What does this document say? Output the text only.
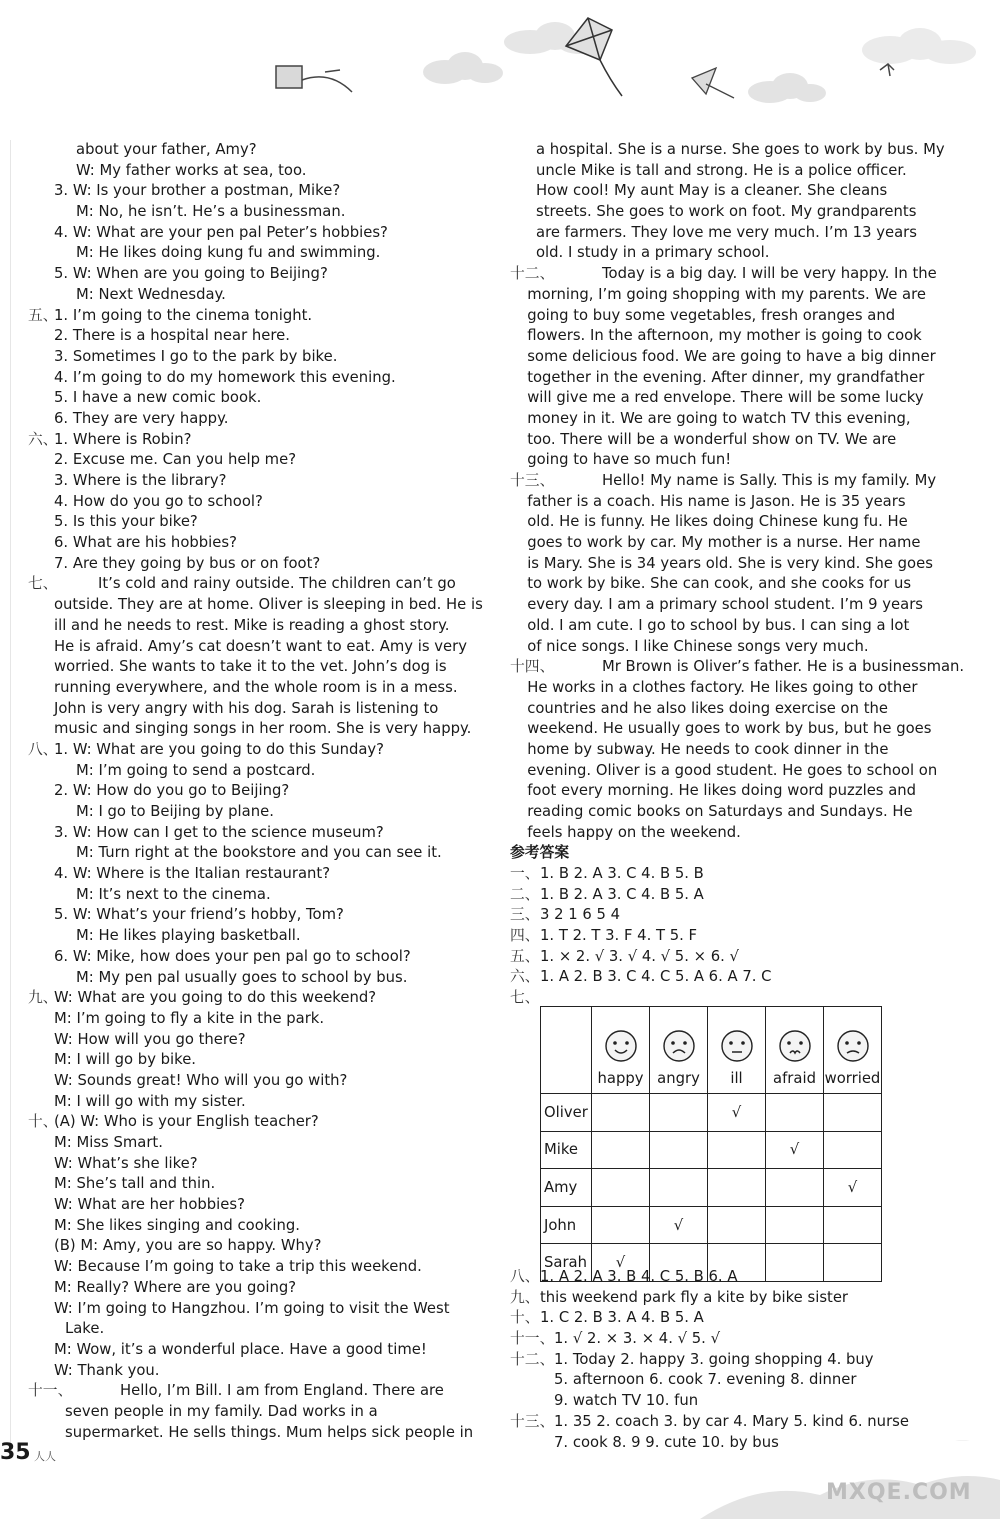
about your father, Amy?
W: My father works at sea, too.
3. W: Is your brother a postman, Mike?
M: No, he isn’t. He’s a businessman.
4. W: What are your pen pal Peter’s hobbies?
M: He likes doing kung fu and swimming.
5. W: When are you going to Beijing?
M: Next Wednesday.
五、
1. I’m going to the cinema tonight.
2. There is a hospital near here.
3. Sometimes I go to the park by bike.
4. I’m going to do my homework this evening.
5. I have a new comic book.
6. They are very happy.
六、
1. Where is Robin?
2. Excuse me. Can you help me?
3. Where is the library?
4. How do you go to school?
5. Is this your bike?
6. What are his hobbies?
7. Are they going by bus or on foot?
七、	It’s cold and rainy outside. The children can’t go
outside. They are at home. Oliver is sleeping in bed. He is
ill and he needs to rest. Mike is reading a ghost story.
He is afraid. Amy’s cat doesn’t want to eat. Amy is very
worried. She wants to take it to the vet. John’s dog is
running everywhere, and the whole room is in a mess.
John is very angry with his dog. Sarah is listening to
music and singing songs in her room. She is very happy.
八、
1. W: What are you going to do this Sunday?
M: I’m going to send a postcard.
2. W: How do you go to Beijing?
M: I go to Beijing by plane.
3. W: How can I get to the science museum?
M: Turn right at the bookstore and you can see it.
4. W: Where is the Italian restaurant?
M: It’s next to the cinema.
5. W: What’s your friend’s hobby, Tom?
M: He likes playing basketball.
6. W: Mike, how does your pen pal go to school?
M: My pen pal usually goes to school by bus.
九、
W: What are you going to do this weekend?
M: I’m going to fly a kite in the park.
W: How will you go there?
M: I will go by bike.
W: Sounds great! Who will you go with?
M: I will go with my sister.
十、
(A) W: Who is your English teacher?
M: Miss Smart.
W: What’s she like?
M: She’s tall and thin.
W: What are her hobbies?
M: She likes singing and cooking.
(B) M: Amy, you are so happy. Why?
W: Because I’m going to take a trip this weekend.
M: Really? Where are you going?
W: I’m going to Hangzhou. I’m going to visit the West
Lake.
M: Wow, it’s a wonderful place. Have a good time!
W: Thank you.
十一、	Hello, I’m Bill. I am from England. There are
seven people in my family. Dad works in a
supermarket. He sells things. Mum helps sick people in
a hospital. She is a nurse. She goes to work by bus. My
uncle Mike is tall and strong. He is a police officer.
How cool! My aunt May is a cleaner. She cleans
streets. She goes to work on foot. My grandparents
are farmers. They love me very much. I’m 13 years
old. I study in a primary school.
十二、	Today is a big day. I will be very happy. In the
morning, I’m going shopping with my parents. We are
going to buy some vegetables, fresh oranges and
flowers. In the afternoon, my mother is going to cook
some delicious food. We are going to have a big dinner
together in the evening. After dinner, my grandfather
will give me a red envelope. There will be some lucky
money in it. We are going to watch TV this evening,
too. There will be a wonderful show on TV. We are
going to have so much fun!
十三、	Hello! My name is Sally. This is my family. My
father is a coach. His name is Jason. He is 35 years
old. He is funny. He likes doing Chinese kung fu. He
goes to work by car. My mother is a nurse. Her name
is Mary. She is 34 years old. She is very kind. She goes
to work by bike. She can cook, and she cooks for us
every day. I am a primary school student. I’m 9 years
old. I am cute. I go to school by bus. I can sing a lot
of nice songs. I like Chinese songs very much.
十四、	Mr Brown is Oliver’s father. He is a businessman.
He works in a clothes factory. He likes going to other
countries and he also likes doing exercise on the
weekend. He usually goes to work by bus, but he goes
home by subway. He needs to cook dinner in the
evening. Oliver is a good student. He goes to school on
foot every morning. He likes doing word puzzles and
reading comic books on Saturdays and Sundays. He
feels happy on the weekend.
参考答案
一、 1. B 2. A 3. C 4. B 5. B
二、 1. B 2. A 3. C 4. B 5. A
三、 3 2 1 6 5 4
四、 1. T 2. T 3. F 4. T 5. F
五、 1. × 2. √ 3. √ 4. √ 5. × 6. √
六、 1. A 2. B 3. C 4. C 5. A 6. A 7. C
七、

	happy	angry	ill	afraid	worried

Oliver			√		
Mike				√	
Amy					√
John		√			
Sarah	√				
八、 1. A 2. A 3. B 4. C 5. B 6. A
九、 this weekend park fly a kite by bike sister
十、 1. C 2. B 3. A 4. B 5. A
十一、 1. √ 2. × 3. × 4. √ 5. √
十二、 1. Today 2. happy 3. going shopping 4. buy
5. afternoon 6. cook 7. evening 8. dinner
9. watch TV 10. fun
十三、 1. 35 2. coach 3. by car 4. Mary 5. kind 6. nurse
7. cook 8. 9 9. cute 10. by bus
35 人人
MXQE.COM
